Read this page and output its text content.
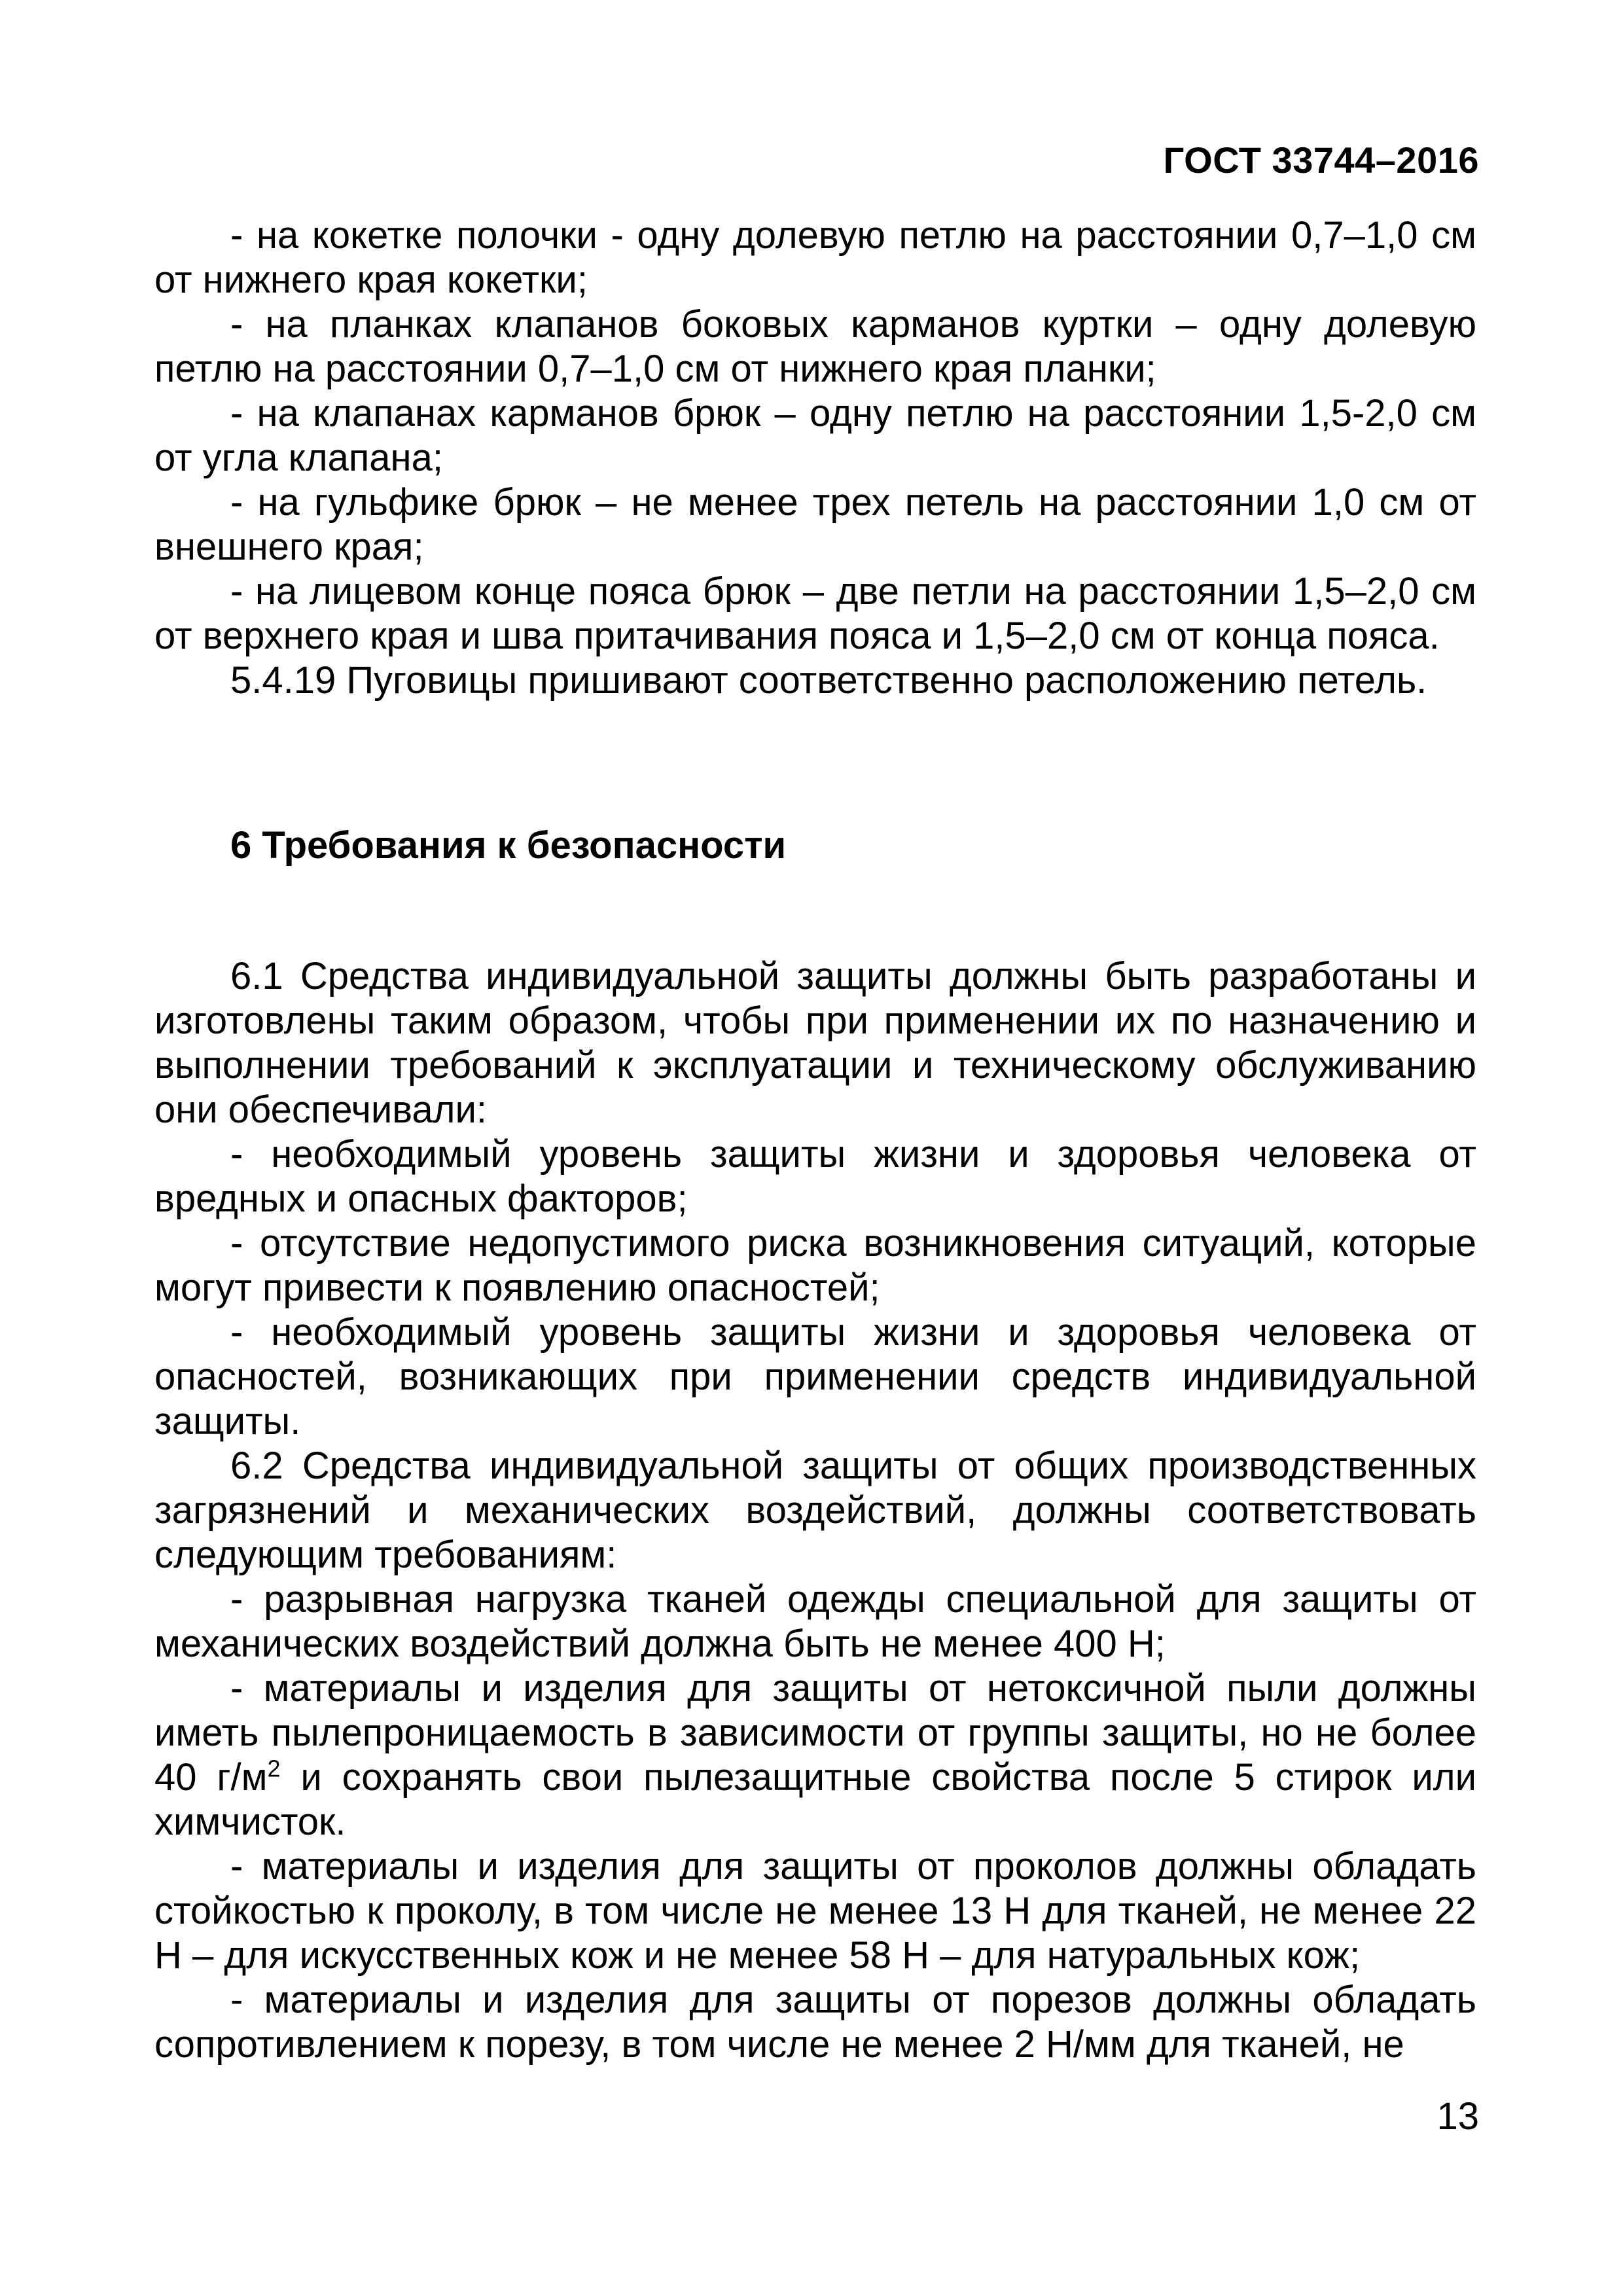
ГОСТ 33744–2016

- на кокетке полочки - одну долевую петлю на расстоянии 0,7–1,0 см от нижнего края кокетки;

- на планках клапанов боковых карманов куртки – одну долевую петлю на расстоянии 0,7–1,0 см от нижнего края планки;

- на клапанах карманов брюк – одну петлю на расстоянии 1,5-2,0 см от угла клапана;

- на гульфике брюк – не менее трех петель на расстоянии 1,0 см от внешнего края;

- на лицевом конце пояса брюк – две петли на расстоянии 1,5–2,0 см от верхнего края и шва притачивания пояса и 1,5–2,0 см от конца пояса.

5.4.19 Пуговицы пришивают соответственно расположению петель.

6 Требования к безопасности

6.1 Средства индивидуальной защиты должны быть разработаны и изготовлены таким образом, чтобы при применении их по назначению и выполнении требований к эксплуатации и техническому обслуживанию они обеспечивали:

- необходимый уровень защиты жизни и здоровья человека от вредных и опасных факторов;

- отсутствие недопустимого риска возникновения ситуаций, которые могут привести к появлению опасностей;

- необходимый уровень защиты жизни и здоровья человека от опасностей, возникающих при применении средств индивидуальной защиты.

6.2 Средства индивидуальной защиты от общих производственных загрязнений и механических воздействий, должны соответствовать следующим требованиям:

- разрывная нагрузка тканей одежды специальной для защиты от механических воздействий должна быть не менее 400 Н;

- материалы и изделия для защиты от нетоксичной пыли должны иметь пылепроницаемость в зависимости от группы защиты, но не более 40 $г/м^2$ и сохранять свои пылезащитные свойства после 5 стирок или химчисток.

- материалы и изделия для защиты от проколов должны обладать стойкостью к проколу, в том числе не менее 13 Н для тканей, не менее 22 Н – для искусственных кож и не менее 58 Н – для натуральных кож;

- материалы и изделия для защиты от порезов должны обладать сопротивлением к порезу, в том числе не менее 2 Н/мм для тканей, не

13
